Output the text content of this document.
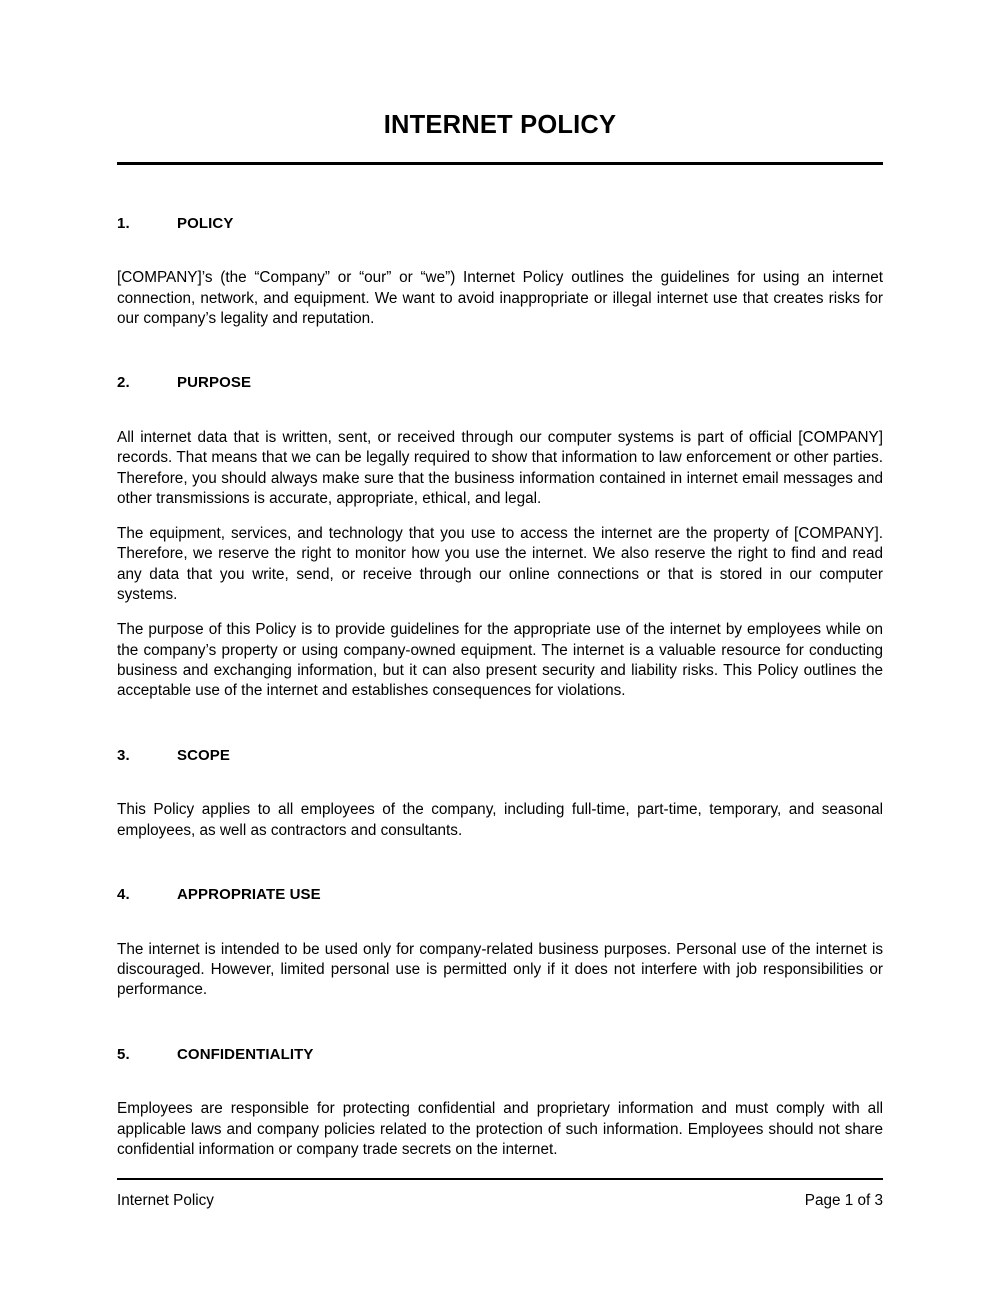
INTERNET POLICY
1.	POLICY

[COMPANY]’s (the “Company” or “our” or “we”) Internet Policy outlines the guidelines for using an internet connection, network, and equipment. We want to avoid inappropriate or illegal internet use that creates risks for our company’s legality and reputation.

2.	PURPOSE

All internet data that is written, sent, or received through our computer systems is part of official [COMPANY] records. That means that we can be legally required to show that information to law enforcement or other parties. Therefore, you should always make sure that the business information contained in internet email messages and other transmissions is accurate, appropriate, ethical, and legal.

The equipment, services, and technology that you use to access the internet are the property of [COMPANY]. Therefore, we reserve the right to monitor how you use the internet. We also reserve the right to find and read any data that you write, send, or receive through our online connections or that is stored in our computer systems.

The purpose of this Policy is to provide guidelines for the appropriate use of the internet by employees while on the company’s property or using company-owned equipment. The internet is a valuable resource for conducting business and exchanging information, but it can also present security and liability risks. This Policy outlines the acceptable use of the internet and establishes consequences for violations.

3.	SCOPE

This Policy applies to all employees of the company, including full-time, part-time, temporary, and seasonal employees, as well as contractors and consultants.

4.	APPROPRIATE USE

The internet is intended to be used only for company-related business purposes. Personal use of the internet is discouraged. However, limited personal use is permitted only if it does not interfere with job responsibilities or performance.

5.	CONFIDENTIALITY

Employees are responsible for protecting confidential and proprietary information and must comply with all applicable laws and company policies related to the protection of such information. Employees should not share confidential information or company trade secrets on the internet.

Internet Policy	Page 1 of 3
